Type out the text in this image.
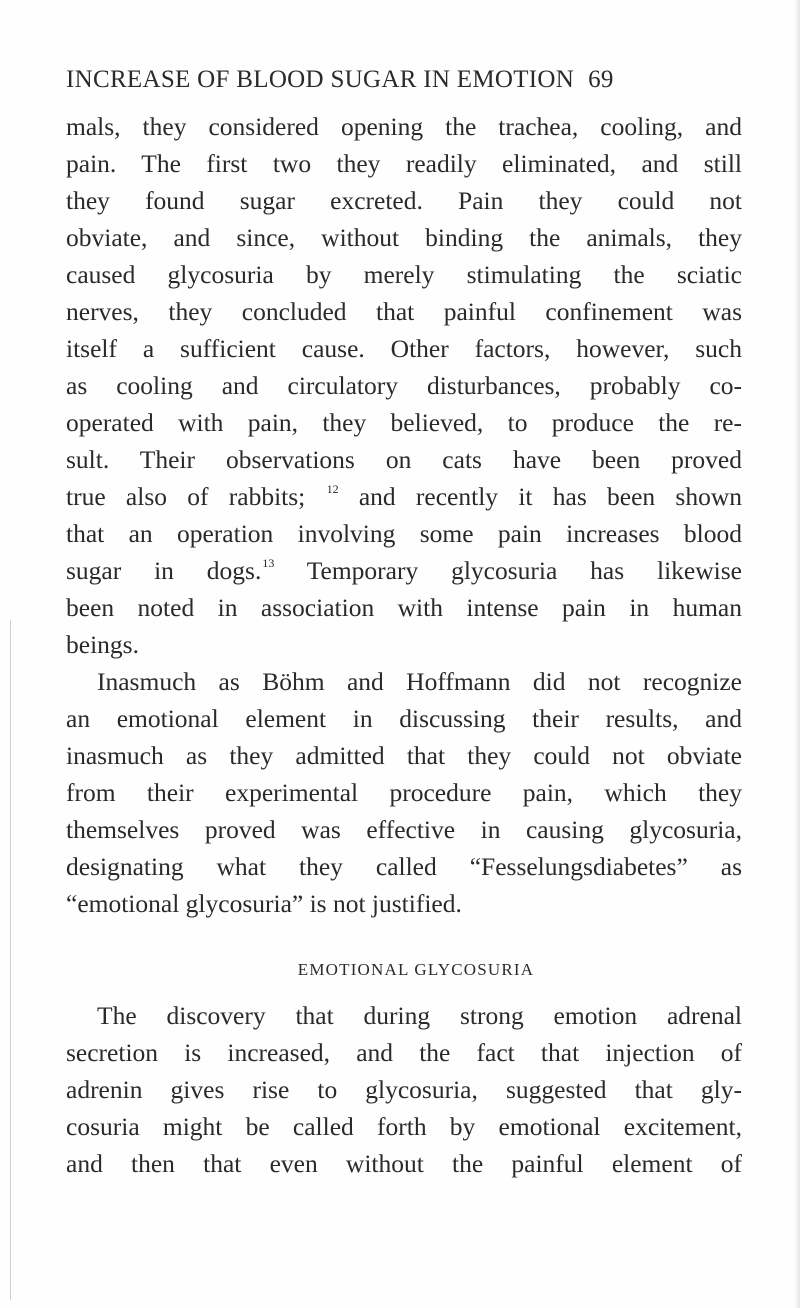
INCREASE OF BLOOD SUGAR IN EMOTION 69
mals, they considered opening the trachea, cooling, and
pain. The first two they readily eliminated, and still
they found sugar excreted. Pain they could not
obviate, and since, without binding the animals, they
caused glycosuria by merely stimulating the sciatic
nerves, they concluded that painful confinement was
itself a sufficient cause. Other factors, however, such
as cooling and circulatory disturbances, probably co-
operated with pain, they believed, to produce the re-
sult. Their observations on cats have been proved
true also of rabbits; $^{12}$ and recently it has been shown
that an operation involving some pain increases blood
sugar in dogs.$^{13}$ Temporary glycosuria has likewise
been noted in association with intense pain in human
beings.
Inasmuch as Böhm and Hoffmann did not recognize
an emotional element in discussing their results, and
inasmuch as they admitted that they could not obviate
from their experimental procedure pain, which they
themselves proved was effective in causing glycosuria,
designating what they called “Fesselungsdiabetes” as
“emotional glycosuria” is not justified.
EMOTIONAL GLYCOSURIA
The discovery that during strong emotion adrenal
secretion is increased, and the fact that injection of
adrenin gives rise to glycosuria, suggested that gly-
cosuria might be called forth by emotional excitement,
and then that even without the painful element of
